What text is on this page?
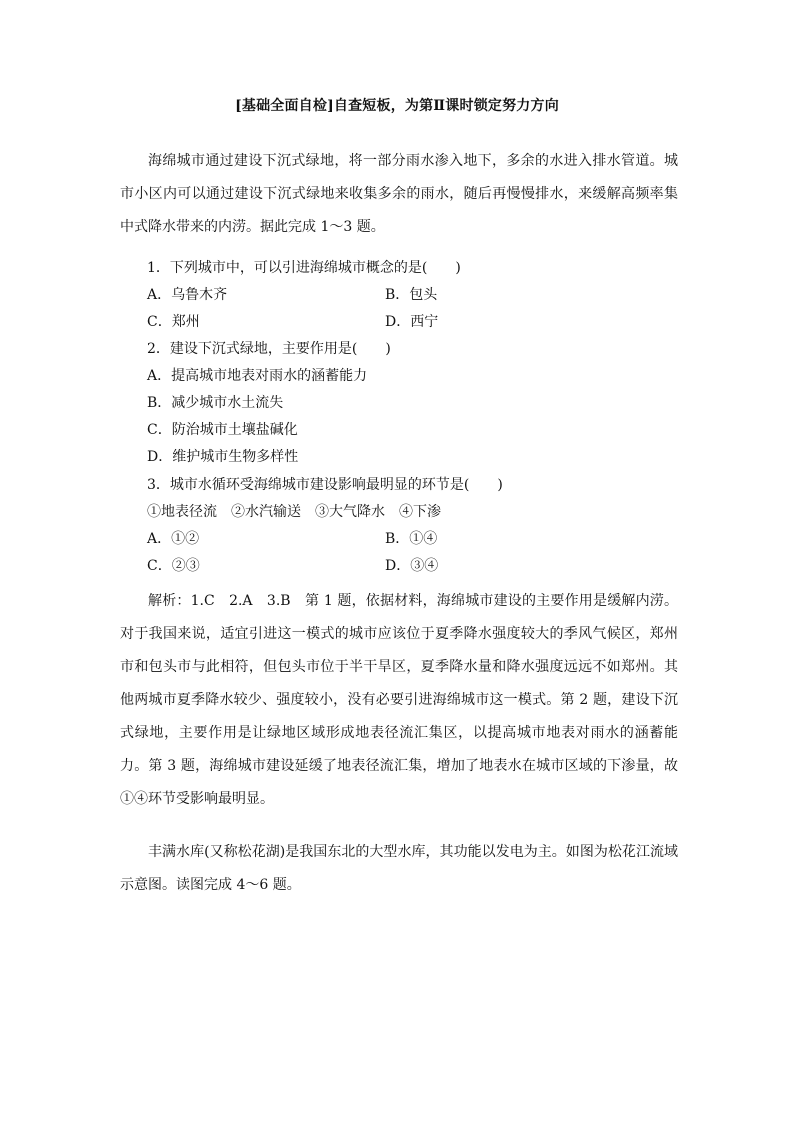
[基础全面自检]自查短板，为第Ⅱ课时锁定努力方向
海绵城市通过建设下沉式绿地，将一部分雨水渗入地下，多余的水进入排水管道。城市小区内可以通过建设下沉式绿地来收集多余的雨水，随后再慢慢排水，来缓解高频率集中式降水带来的内涝。据此完成 1～3 题。
1．下列城市中，可以引进海绵城市概念的是(　　)
A．乌鲁木齐	B．包头
C．郑州	D．西宁
2．建设下沉式绿地，主要作用是(　　)
A．提高城市地表对雨水的涵蓄能力
B．减少城市水土流失
C．防治城市土壤盐碱化
D．维护城市生物多样性
3．城市水循环受海绵城市建设影响最明显的环节是(　　)
①地表径流　②水汽输送　③大气降水　④下渗
A．①②	B．①④
C．②③	D．③④
解析：1.C　2.A　3.B　第 1 题，依据材料，海绵城市建设的主要作用是缓解内涝。对于我国来说，适宜引进这一模式的城市应该位于夏季降水强度较大的季风气候区，郑州市和包头市与此相符，但包头市位于半干旱区，夏季降水量和降水强度远远不如郑州。其他两城市夏季降水较少、强度较小，没有必要引进海绵城市这一模式。第 2 题，建设下沉式绿地，主要作用是让绿地区域形成地表径流汇集区，以提高城市地表对雨水的涵蓄能力。第 3 题，海绵城市建设延缓了地表径流汇集，增加了地表水在城市区域的下渗量，故①④环节受影响最明显。
丰满水库(又称松花湖)是我国东北的大型水库，其功能以发电为主。如图为松花江流域示意图。读图完成 4～6 题。
